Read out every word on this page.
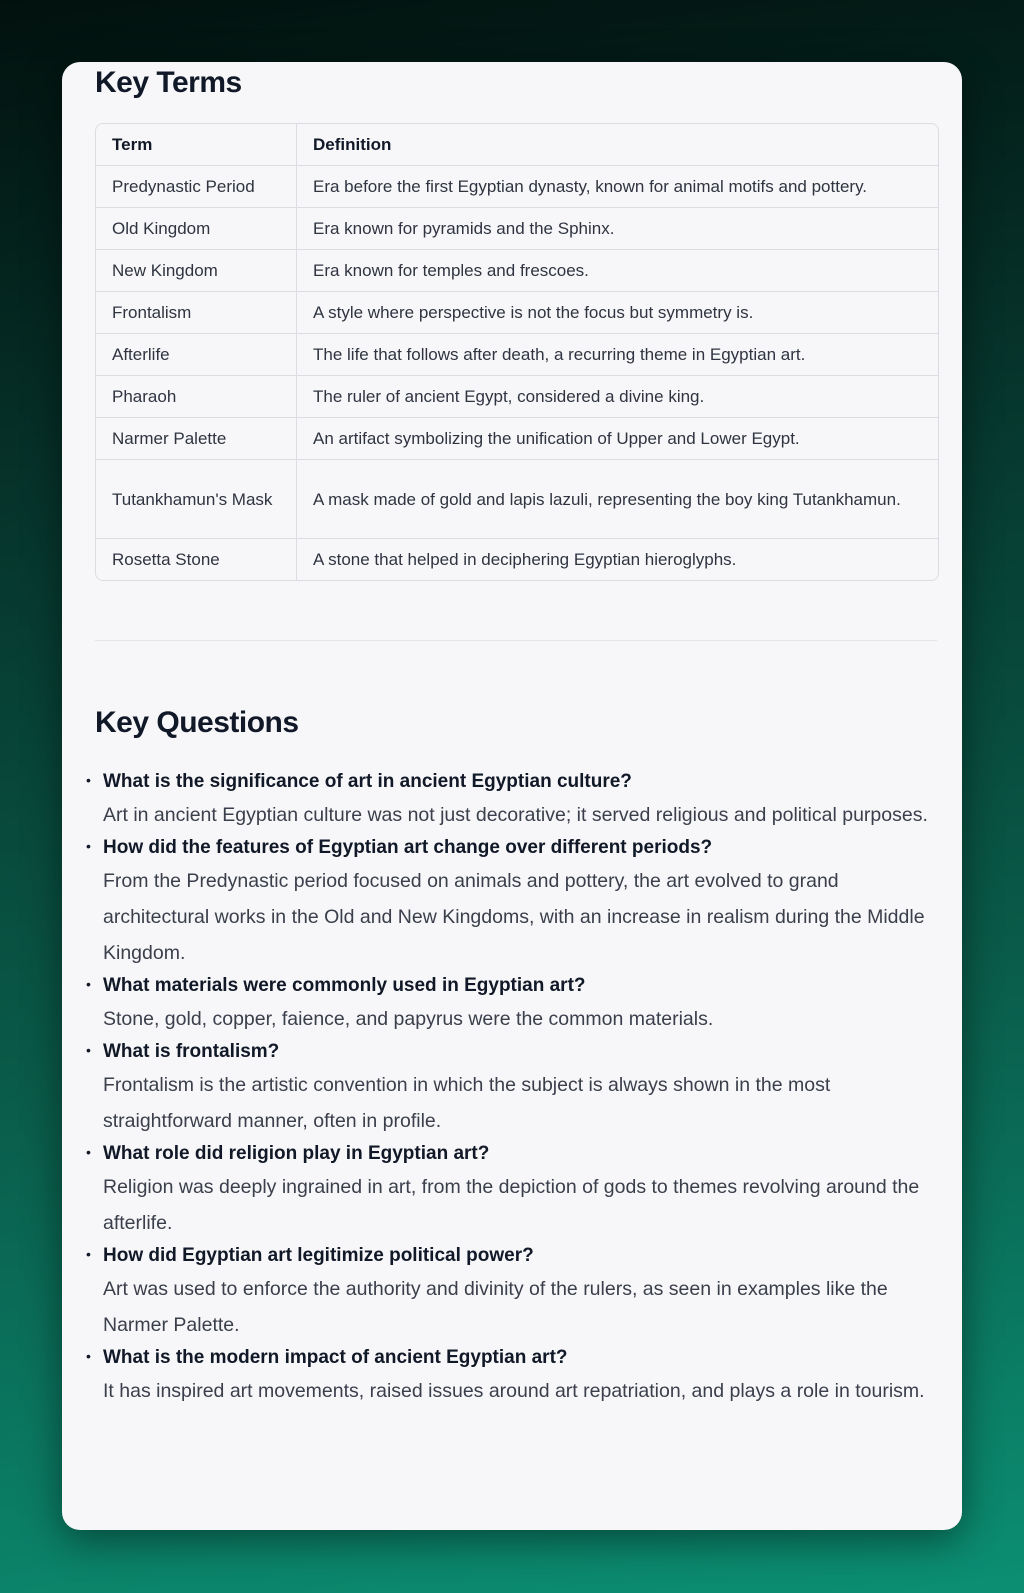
Key Terms
Term	Definition
Predynastic Period	Era before the first Egyptian dynasty, known for animal motifs and pottery.
Old Kingdom	Era known for pyramids and the Sphinx.
New Kingdom	Era known for temples and frescoes.
Frontalism	A style where perspective is not the focus but symmetry is.
Afterlife	The life that follows after death, a recurring theme in Egyptian art.
Pharaoh	The ruler of ancient Egypt, considered a divine king.
Narmer Palette	An artifact symbolizing the unification of Upper and Lower Egypt.
Tutankhamun's Mask	A mask made of gold and lapis lazuli, representing the boy king Tutankhamun.
Rosetta Stone	A stone that helped in deciphering Egyptian hieroglyphs.
Key Questions
• What is the significance of art in ancient Egyptian culture?
Art in ancient Egyptian culture was not just decorative; it served religious and political purposes.
• How did the features of Egyptian art change over different periods?
From the Predynastic period focused on animals and pottery, the art evolved to grand architectural works in the Old and New Kingdoms, with an increase in realism during the Middle Kingdom.
• What materials were commonly used in Egyptian art?
Stone, gold, copper, faience, and papyrus were the common materials.
• What is frontalism?
Frontalism is the artistic convention in which the subject is always shown in the most straightforward manner, often in profile.
• What role did religion play in Egyptian art?
Religion was deeply ingrained in art, from the depiction of gods to themes revolving around the afterlife.
• How did Egyptian art legitimize political power?
Art was used to enforce the authority and divinity of the rulers, as seen in examples like the Narmer Palette.
• What is the modern impact of ancient Egyptian art?
It has inspired art movements, raised issues around art repatriation, and plays a role in tourism.
